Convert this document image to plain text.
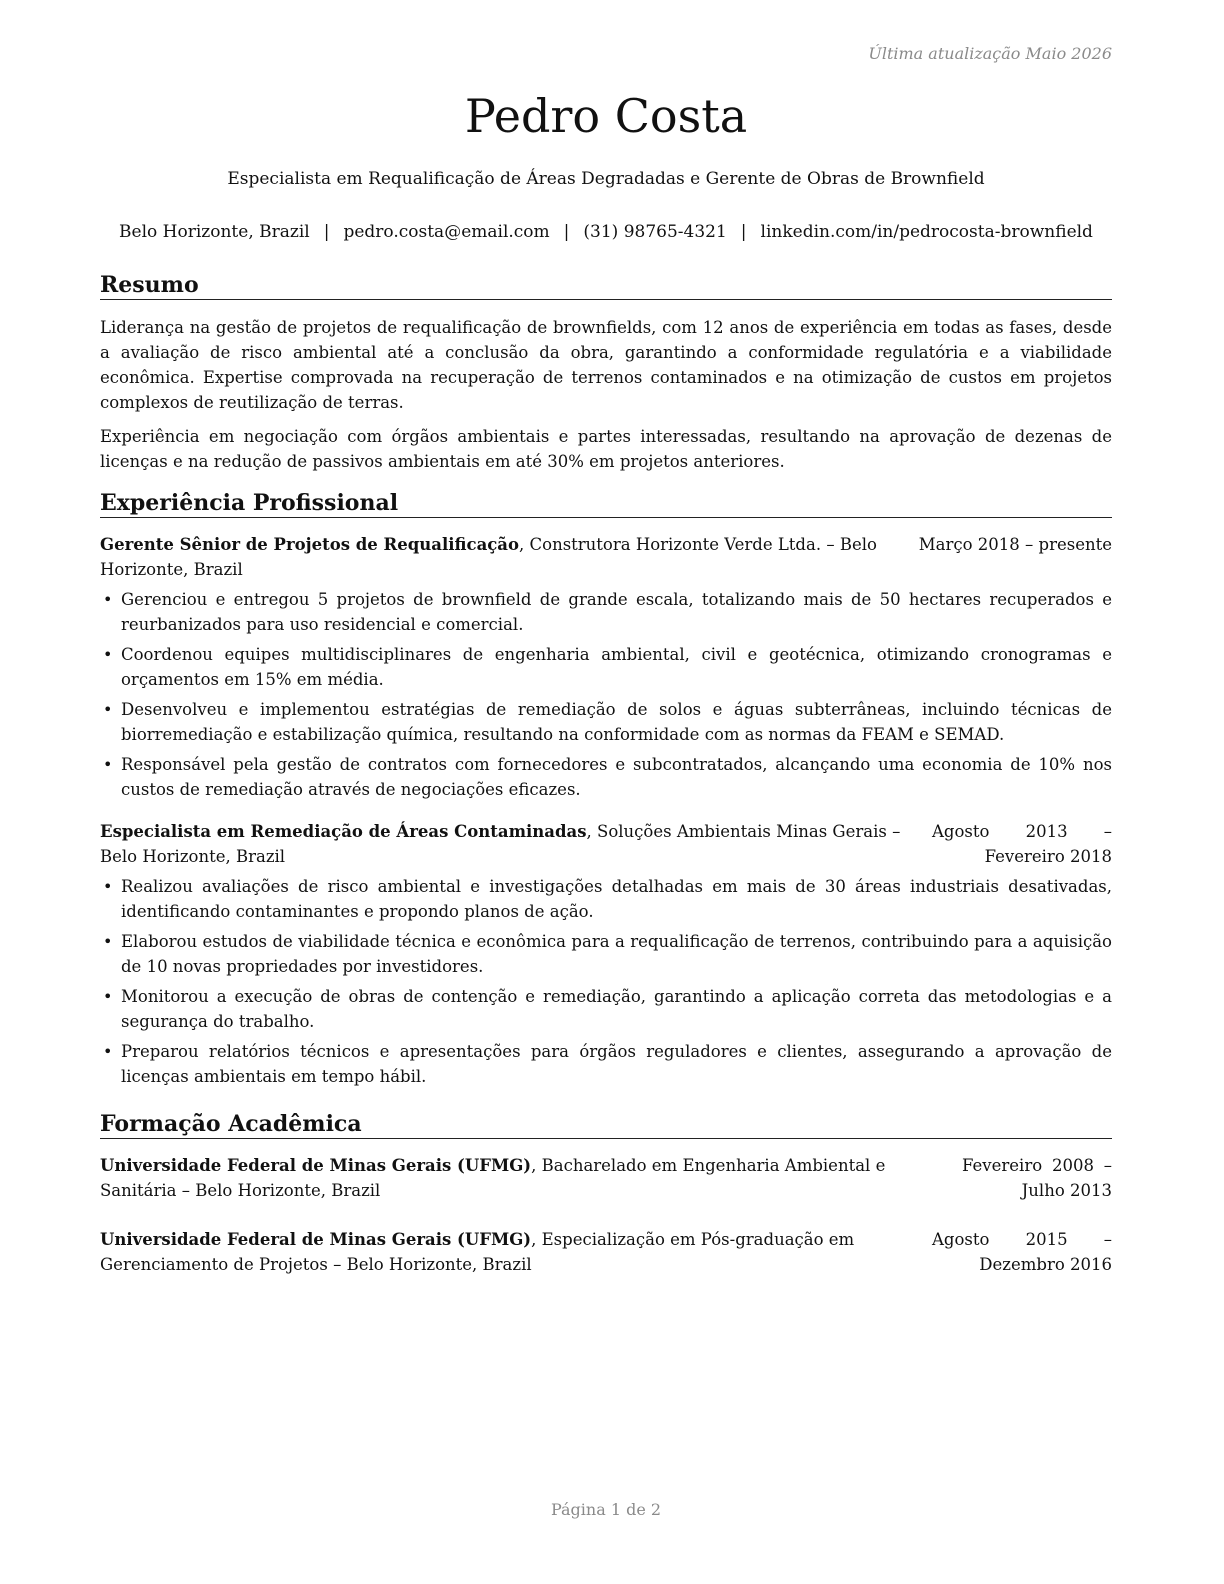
Última atualização Maio 2026
Pedro Costa
Especialista em Requalificação de Áreas Degradadas e Gerente de Obras de Brownfield
Belo Horizonte, Brazil | pedro.costa@email.com | (31) 98765-4321 | linkedin.com/in/pedrocosta-brownfield
Resumo

Liderança na gestão de projetos de requalificação de brownfields, com 12 anos de experiência em todas as fases, desde a avaliação de risco ambiental até a conclusão da obra, garantindo a conformidade regulatória e a viabilidade econômica. Expertise comprovada na recuperação de terrenos contaminados e na otimização de custos em projetos complexos de reutilização de terras.

Experiência em negociação com órgãos ambientais e partes interessadas, resultando na aprovação de dezenas de licenças e na redução de passivos ambientais em até 30% em projetos anteriores.

Experiência Profissional
Gerente Sênior de Projetos de Requalificação, Construtora Horizonte Verde Ltda. – Belo Horizonte, Brazil
Março 2018 – presente
• Gerenciou e entregou 5 projetos de brownfield de grande escala, totalizando mais de 50 hectares recuperados e reurbanizados para uso residencial e comercial.
• Coordenou equipes multidisciplinares de engenharia ambiental, civil e geotécnica, otimizando cronogramas e orçamentos em 15% em média.
• Desenvolveu e implementou estratégias de remediação de solos e águas subterrâneas, incluindo técnicas de biorremediação e estabilização química, resultando na conformidade com as normas da FEAM e SEMAD.
• Responsável pela gestão de contratos com fornecedores e subcontratados, alcançando uma economia de 10% nos custos de remediação através de negociações eficazes.
Especialista em Remediação de Áreas Contaminadas, Soluções Ambientais Minas Gerais – Belo Horizonte, Brazil
Agosto 2013 – Fevereiro 2018
• Realizou avaliações de risco ambiental e investigações detalhadas em mais de 30 áreas industriais desativadas, identificando contaminantes e propondo planos de ação.
• Elaborou estudos de viabilidade técnica e econômica para a requalificação de terrenos, contribuindo para a aquisição de 10 novas propriedades por investidores.
• Monitorou a execução de obras de contenção e remediação, garantindo a aplicação correta das metodologias e a segurança do trabalho.
• Preparou relatórios técnicos e apresentações para órgãos reguladores e clientes, assegurando a aprovação de licenças ambientais em tempo hábil.
Formação Acadêmica
Universidade Federal de Minas Gerais (UFMG), Bacharelado em Engenharia Ambiental e Sanitária – Belo Horizonte, Brazil
Fevereiro 2008 – Julho 2013
Universidade Federal de Minas Gerais (UFMG), Especialização em Pós-graduação em Gerenciamento de Projetos – Belo Horizonte, Brazil
Agosto 2015 – Dezembro 2016
Página 1 de 2
